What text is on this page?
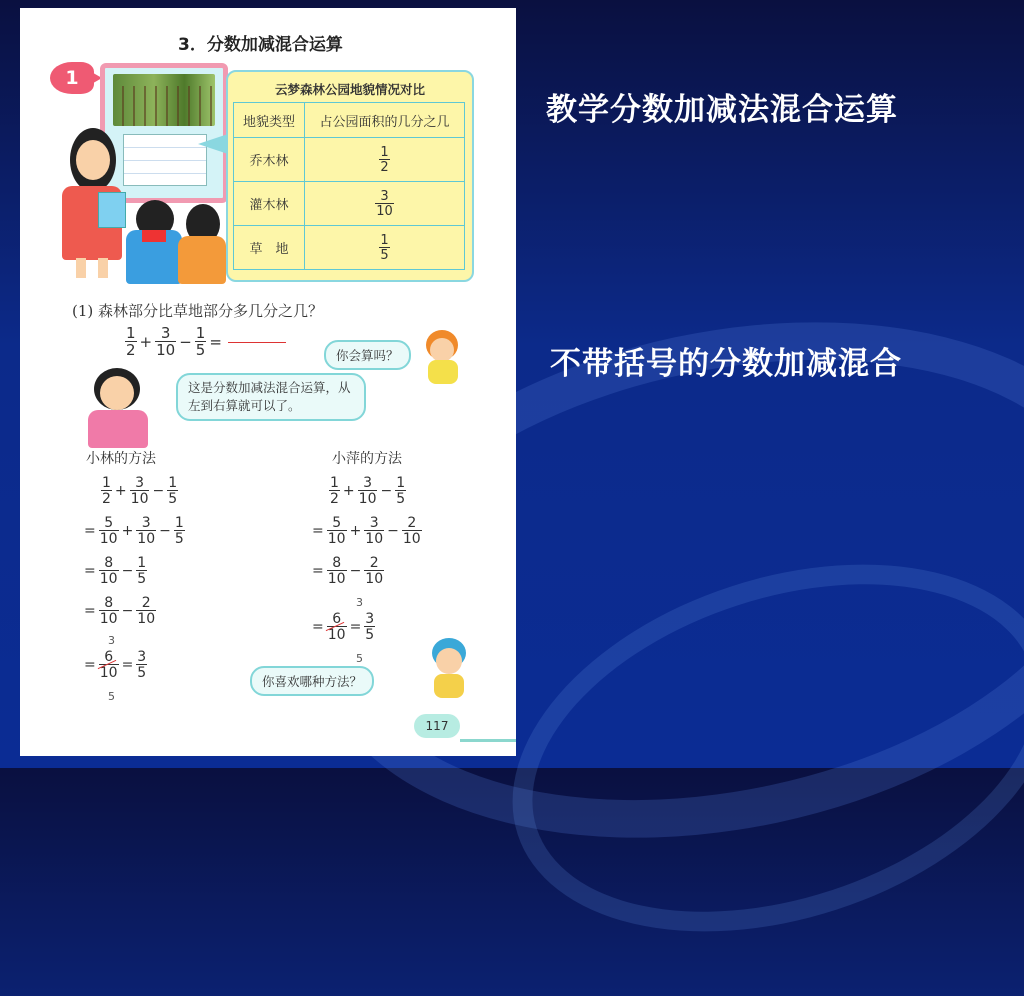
教学分数加减法混合运算
不带括号的分数加减混合
3．分数加减混合运算
1
云梦森林公园地貌情况对比
地貌类型	占公园面积的几分之几
乔木林	$\frac{1}{2}$

灌木林	$\frac{3}{10}$

草　地	$\frac{1}{5}$
(1) 森林部分比草地部分多几分之几？
$\frac{1}{2} + \frac{3}{10} - \frac{1}{5}$ =
你会算吗？
这是分数加减法混合运算，从左到右算就可以了。
小林的方法	小萍的方法
$\frac{1}{2} + \frac{3}{10} - \frac{1}{5}$
= $\frac{5}{10} + \frac{3}{10} - \frac{1}{5}$
= $\frac{8}{10} - \frac{1}{5}$
= $\frac{8}{10} - \frac{2}{10}$
3
= $\frac{6}{10} = \frac{3}{5}$
5
$\frac{1}{2} + \frac{3}{10} - \frac{1}{5}$
= $\frac{5}{10} + \frac{3}{10} - \frac{2}{10}$
= $\frac{8}{10} - \frac{2}{10}$
3
= $\frac{6}{10} = \frac{3}{5}$
5
你喜欢哪种方法？
117
